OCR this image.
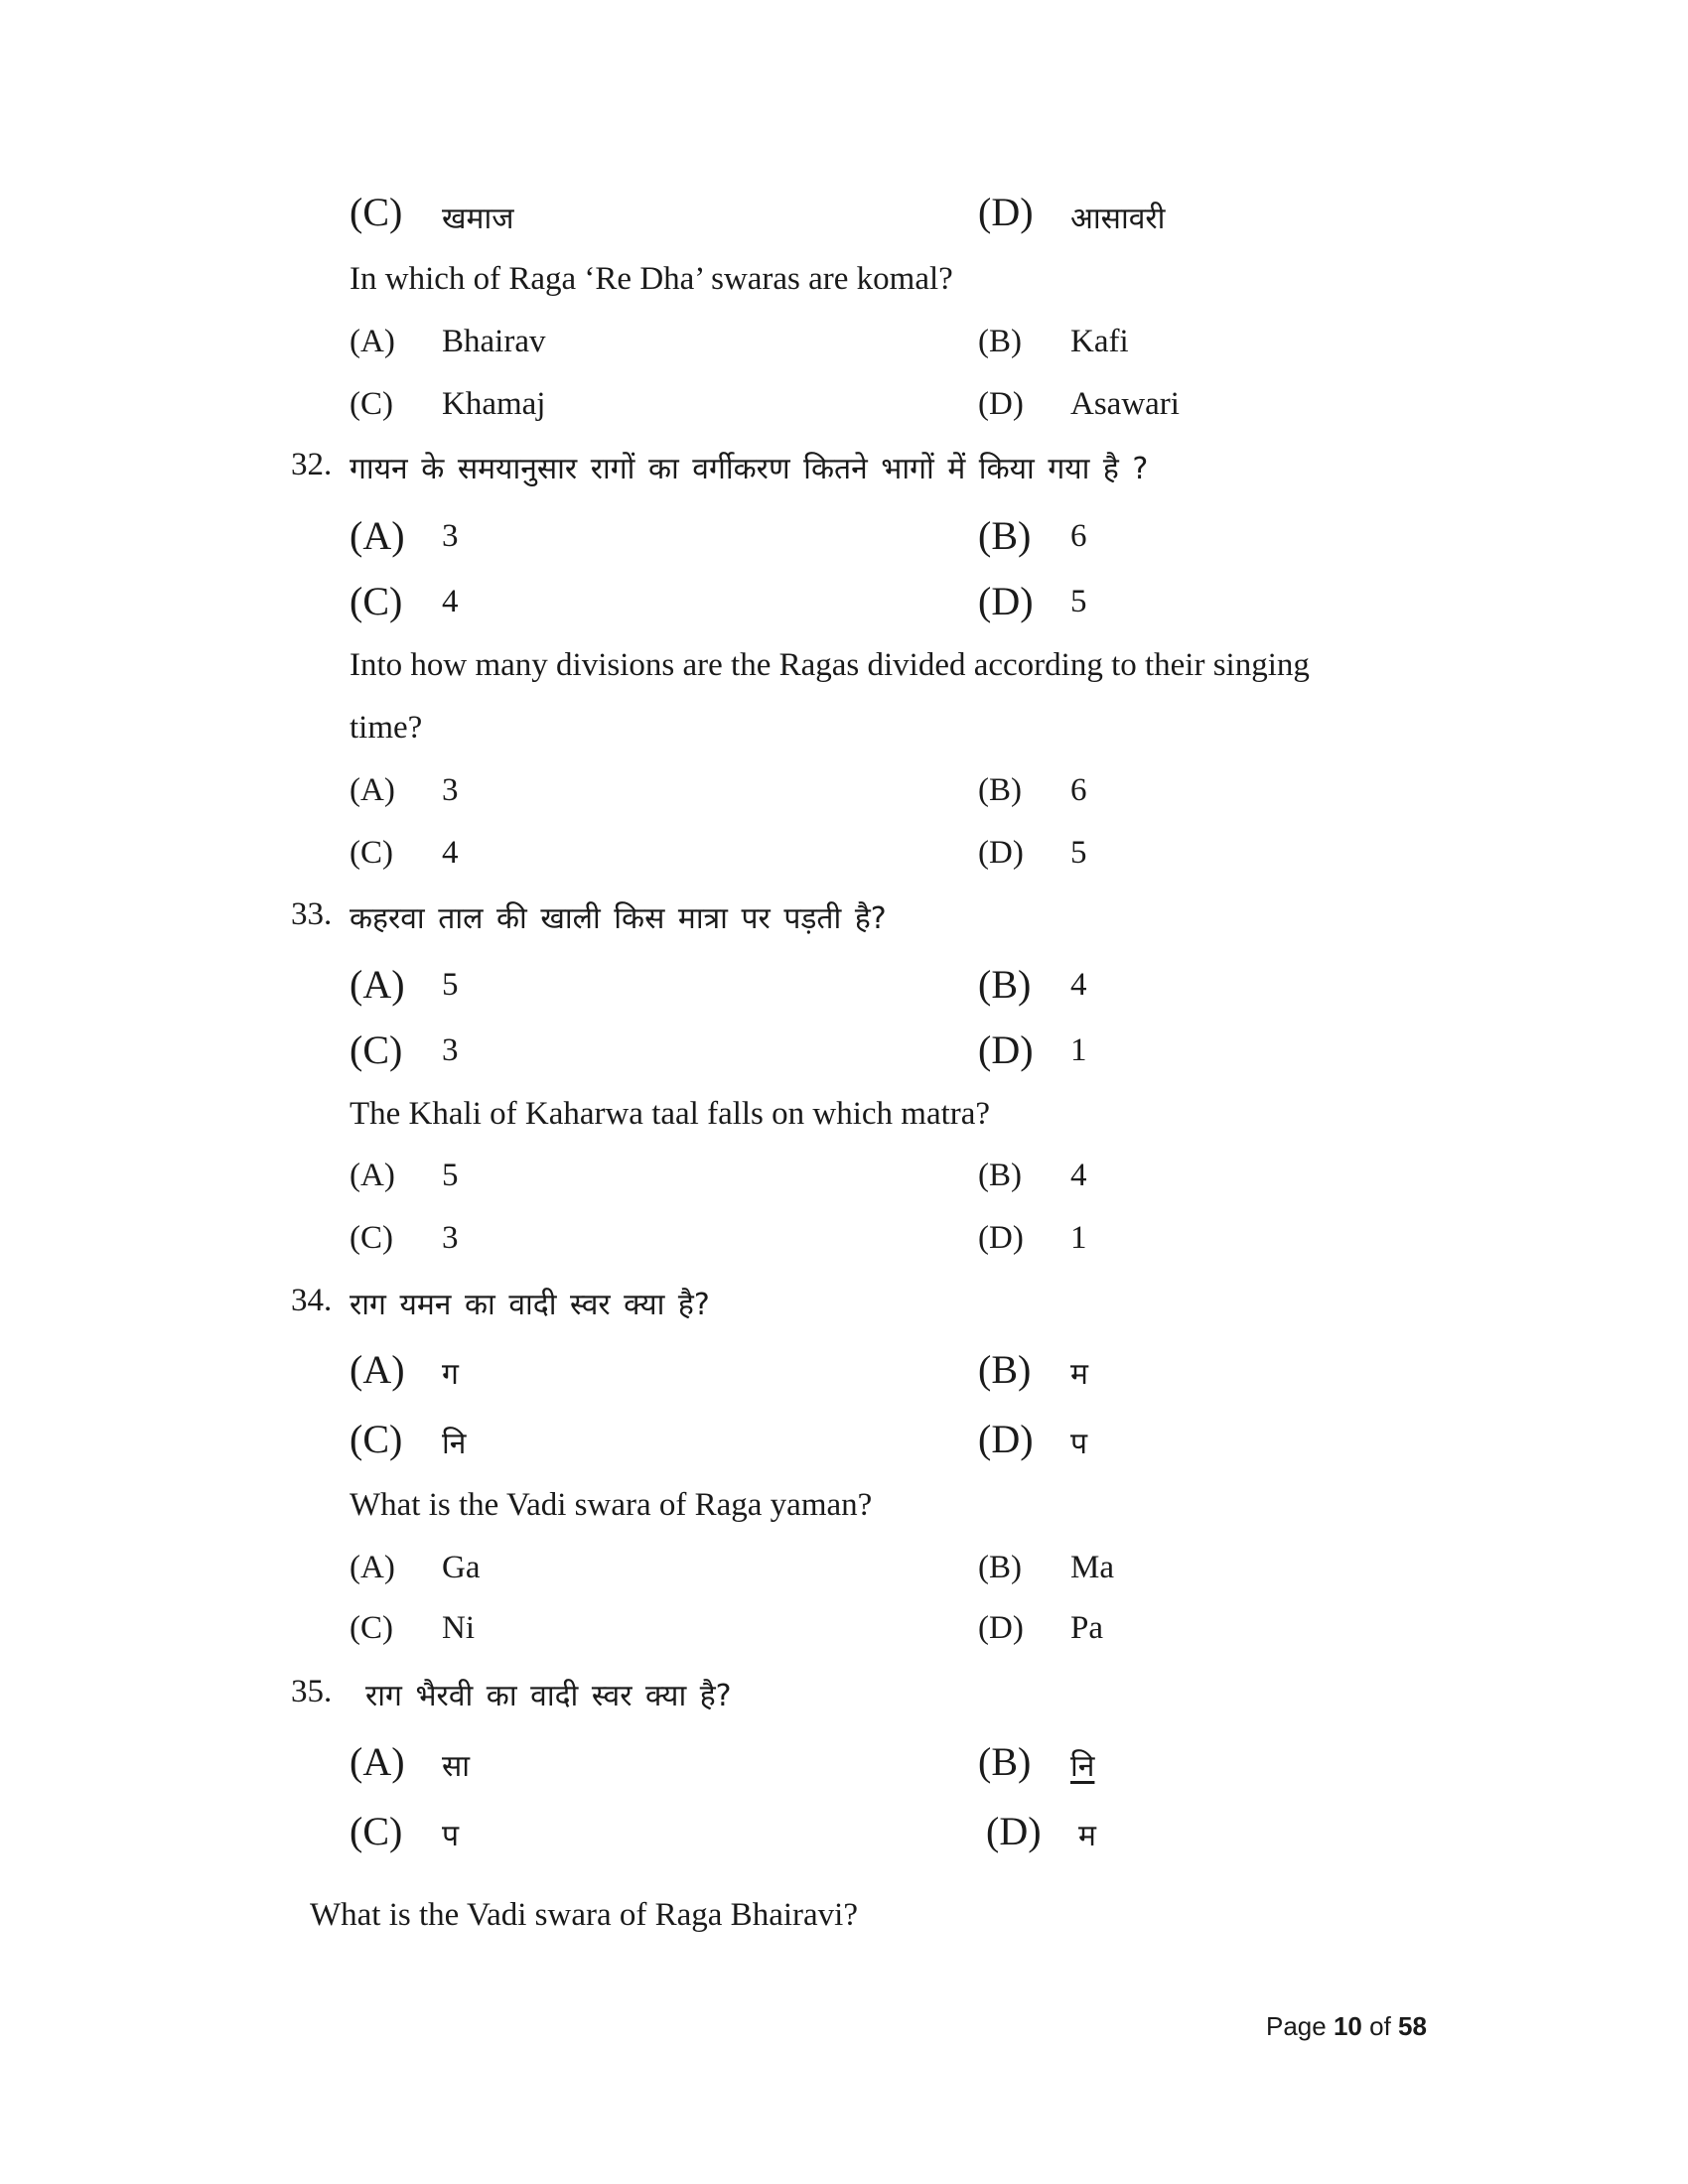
(C) खमाज	(D) आसावरी
In which of Raga ‘Re Dha’ swaras are komal?
(A) Bhairav	(B) Kafi
(C) Khamaj	(D) Asawari
32. गायन के समयानुसार रागों का वर्गीकरण कितने भागों में किया गया है ?
(A) 3	(B) 6
(C) 4	(D) 5
Into how many divisions are the Ragas divided according to their singing
time?
(A) 3	(B) 6
(C) 4	(D) 5
33. कहरवा ताल की खाली किस मात्रा पर पड़ती है?
(A) 5	(B) 4
(C) 3	(D) 1
The Khali of Kaharwa taal falls on which matra?
(A) 5	(B) 4
(C) 3	(D) 1
34. राग यमन का वादी स्वर क्या है?
(A) ग	(B) म
(C) नि	(D) प
What is the Vadi swara of Raga yaman?
(A) Ga	(B) Ma
(C) Ni	(D) Pa
35. राग भैरवी का वादी स्वर क्या है?
(A) सा	(B) नि
(C) प	(D) म
What is the Vadi swara of Raga Bhairavi?
Page 10 of 58
